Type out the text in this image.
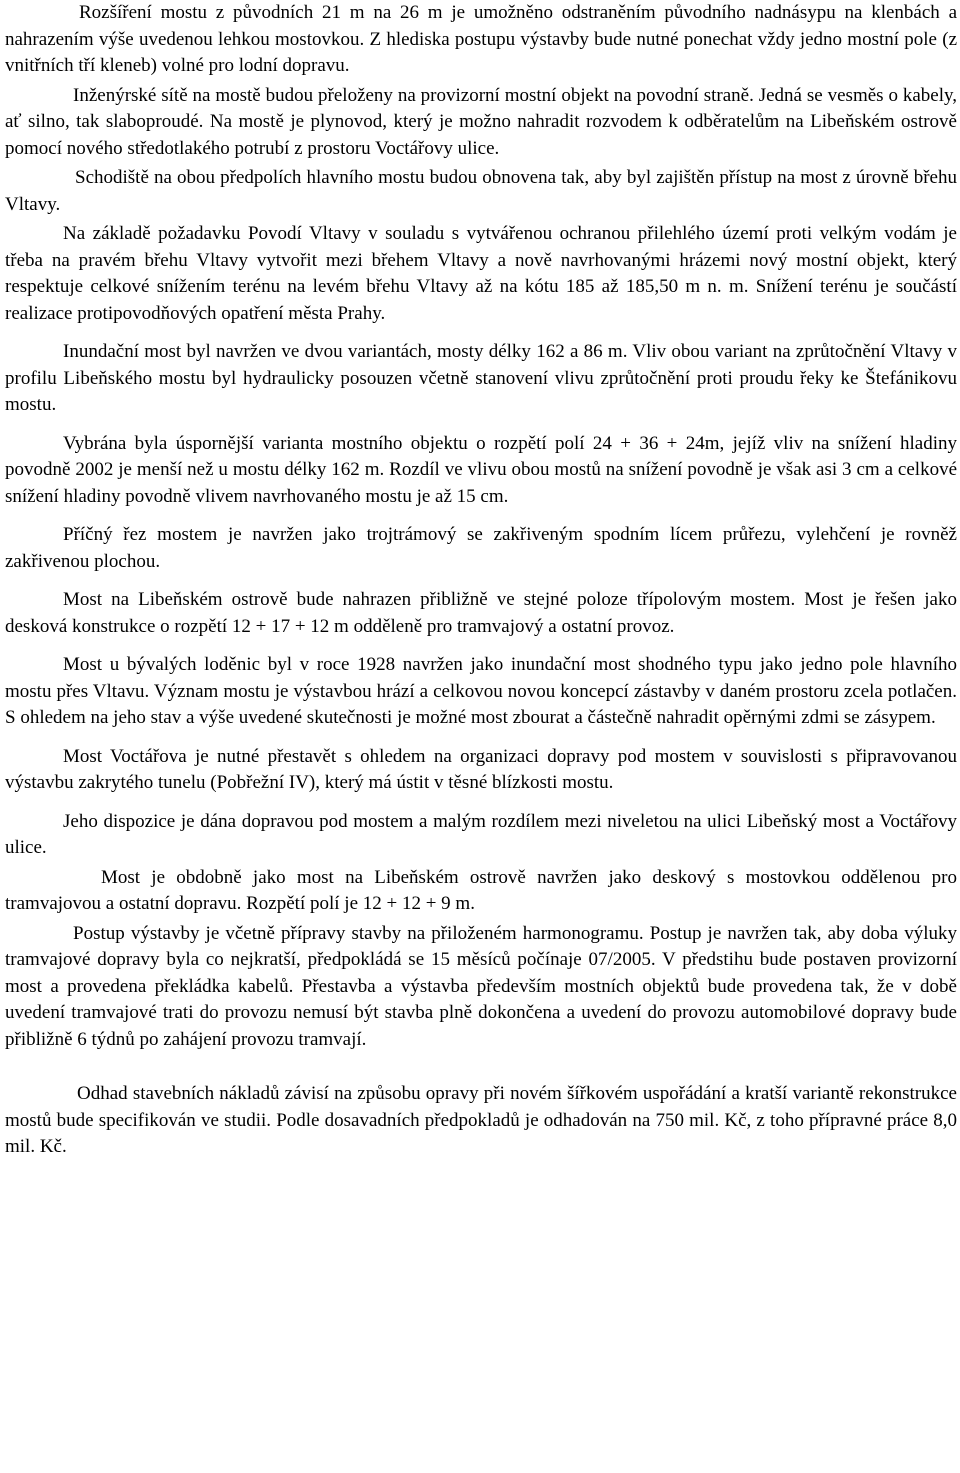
Rozšíření mostu z původních 21 m na 26 m je umožněno odstraněním původního nadnásypu na klenbách a nahrazením výše uvedenou lehkou mostovkou. Z hlediska postupu výstavby bude nutné ponechat vždy jedno mostní pole (z vnitřních tří kleneb) volné pro lodní dopravu.

Inženýrské sítě na mostě budou přeloženy na provizorní mostní objekt na povodní straně. Jedná se vesměs o kabely, ať silno, tak slaboproudé. Na mostě je plynovod, který je možno nahradit rozvodem k odběratelům na Libeňském ostrově pomocí nového středotlakého potrubí z prostoru Voctářovy ulice.

Schodiště na obou předpolích hlavního mostu budou obnovena tak, aby byl zajištěn přístup na most z úrovně břehu Vltavy.

Na základě požadavku Povodí Vltavy v souladu s vytvářenou ochranou přilehlého území proti velkým vodám je třeba na pravém břehu Vltavy vytvořit mezi břehem Vltavy a nově navrhovanými hrázemi nový mostní objekt, který respektuje celkové snížením terénu na levém břehu Vltavy až na kótu 185 až 185,50 m n. m. Snížení terénu je součástí realizace protipovodňových opatření města Prahy.

Inundační most byl navržen ve dvou variantách, mosty délky 162 a 86 m. Vliv obou variant na zprůtočnění Vltavy v profilu Libeňského mostu byl hydraulicky posouzen včetně stanovení vlivu zprůtočnění proti proudu řeky ke Štefánikovu mostu.

Vybrána byla úspornější varianta mostního objektu o rozpětí polí 24 + 36 + 24m, jejíž vliv na snížení hladiny povodně 2002 je menší než u mostu délky 162 m. Rozdíl ve vlivu obou mostů na snížení povodně je však asi 3 cm a celkové snížení hladiny povodně vlivem navrhovaného mostu je až 15 cm.

Příčný řez mostem je navržen jako trojtrámový se zakřiveným spodním lícem průřezu, vylehčení je rovněž zakřivenou plochou.

Most na Libeňském ostrově bude nahrazen přibližně ve stejné poloze třípolovým mostem. Most je řešen jako desková konstrukce o rozpětí 12 + 17 + 12 m odděleně pro tramvajový a ostatní provoz.

Most u bývalých loděnic byl v roce 1928 navržen jako inundační most shodného typu jako jedno pole hlavního mostu přes Vltavu. Význam mostu je výstavbou hrází a celkovou novou koncepcí zástavby v daném prostoru zcela potlačen. S ohledem na jeho stav a výše uvedené skutečnosti je možné most zbourat a částečně nahradit opěrnými zdmi se zásypem.

Most Voctářova je nutné přestavět s ohledem na organizaci dopravy pod mostem v souvislosti s připravovanou výstavbu zakrytého tunelu (Pobřežní IV), který má ústit v těsné blízkosti mostu.

Jeho dispozice je dána dopravou pod mostem a malým rozdílem mezi niveletou na ulici Libeňský most a Voctářovy ulice.

Most je obdobně jako most na Libeňském ostrově navržen jako deskový s mostovkou oddělenou pro tramvajovou a ostatní dopravu. Rozpětí polí je 12 + 12 + 9 m.

Postup výstavby je včetně přípravy stavby na přiloženém harmonogramu. Postup je navržen tak, aby doba výluky tramvajové dopravy byla co nejkratší, předpokládá se 15 měsíců počínaje 07/2005. V předstihu bude postaven provizorní most a provedena překládka kabelů. Přestavba a výstavba především mostních objektů bude provedena tak, že v době uvedení tramvajové trati do provozu nemusí být stavba plně dokončena a uvedení do provozu automobilové dopravy bude přibližně 6 týdnů po zahájení provozu tramvají.

Odhad stavebních nákladů závisí na způsobu opravy při novém šířkovém uspořádání a kratší variantě rekonstrukce mostů bude specifikován ve studii. Podle dosavadních předpokladů je odhadován na 750 mil. Kč, z toho přípravné práce 8,0 mil. Kč.
